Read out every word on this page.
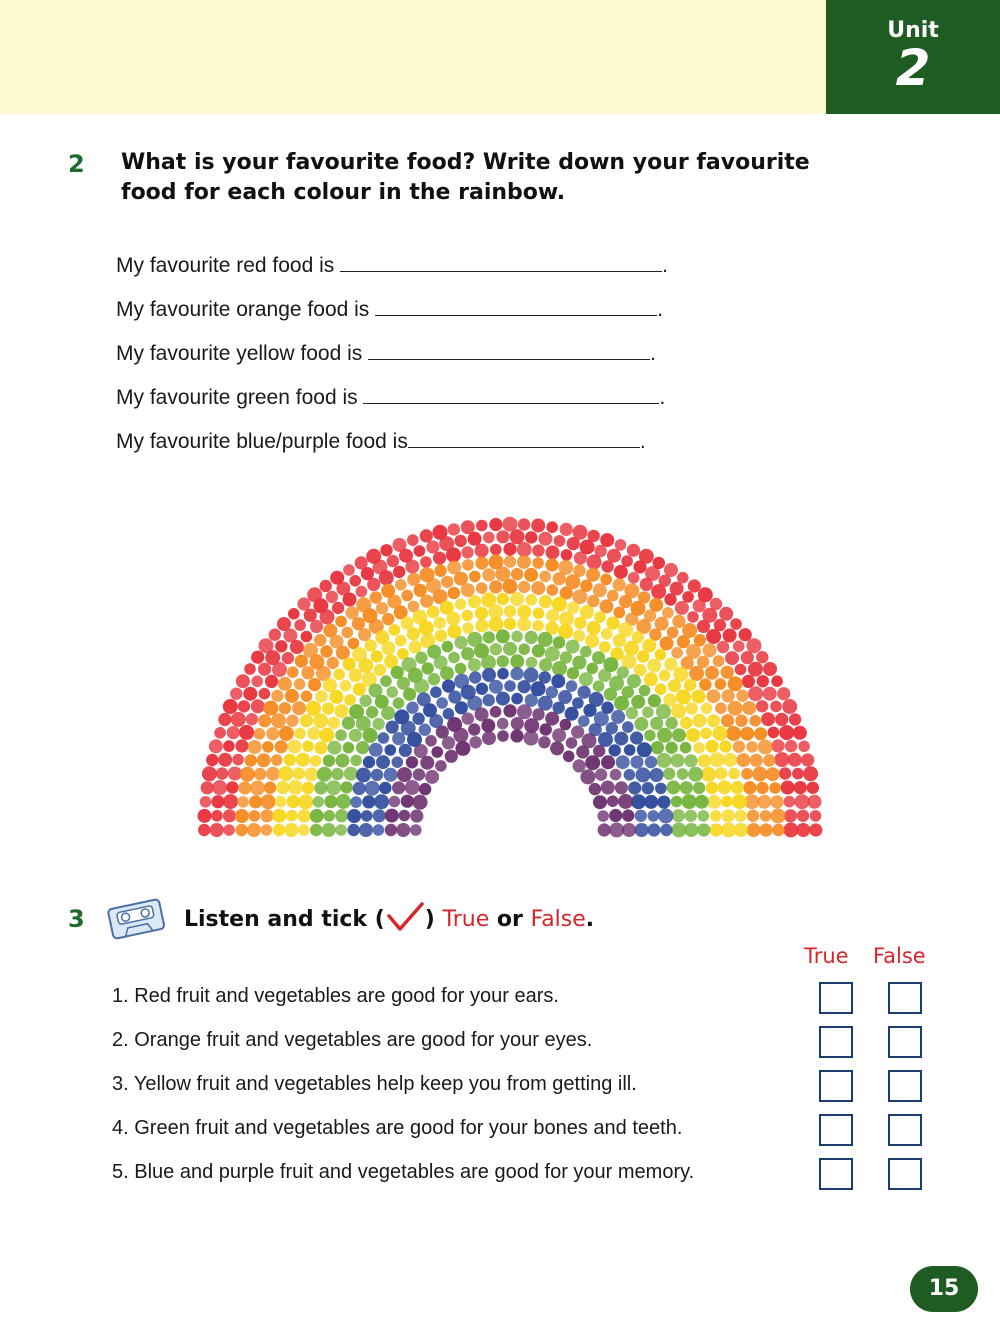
Unit
2
2 What is your favourite food? Write down your favourite
food for each colour in the rainbow.
My favourite red food is	.
My favourite orange food is	.
My favourite yellow food is	.
My favourite green food is	.
My favourite blue/purple food is	.
3	Listen and tick ( ) True or False.
True False
1. Red fruit and vegetables are good for your ears.
2. Orange fruit and vegetables are good for your eyes.
3. Yellow fruit and vegetables help keep you from getting ill.
4. Green fruit and vegetables are good for your bones and teeth.
5. Blue and purple fruit and vegetables are good for your memory.
15
